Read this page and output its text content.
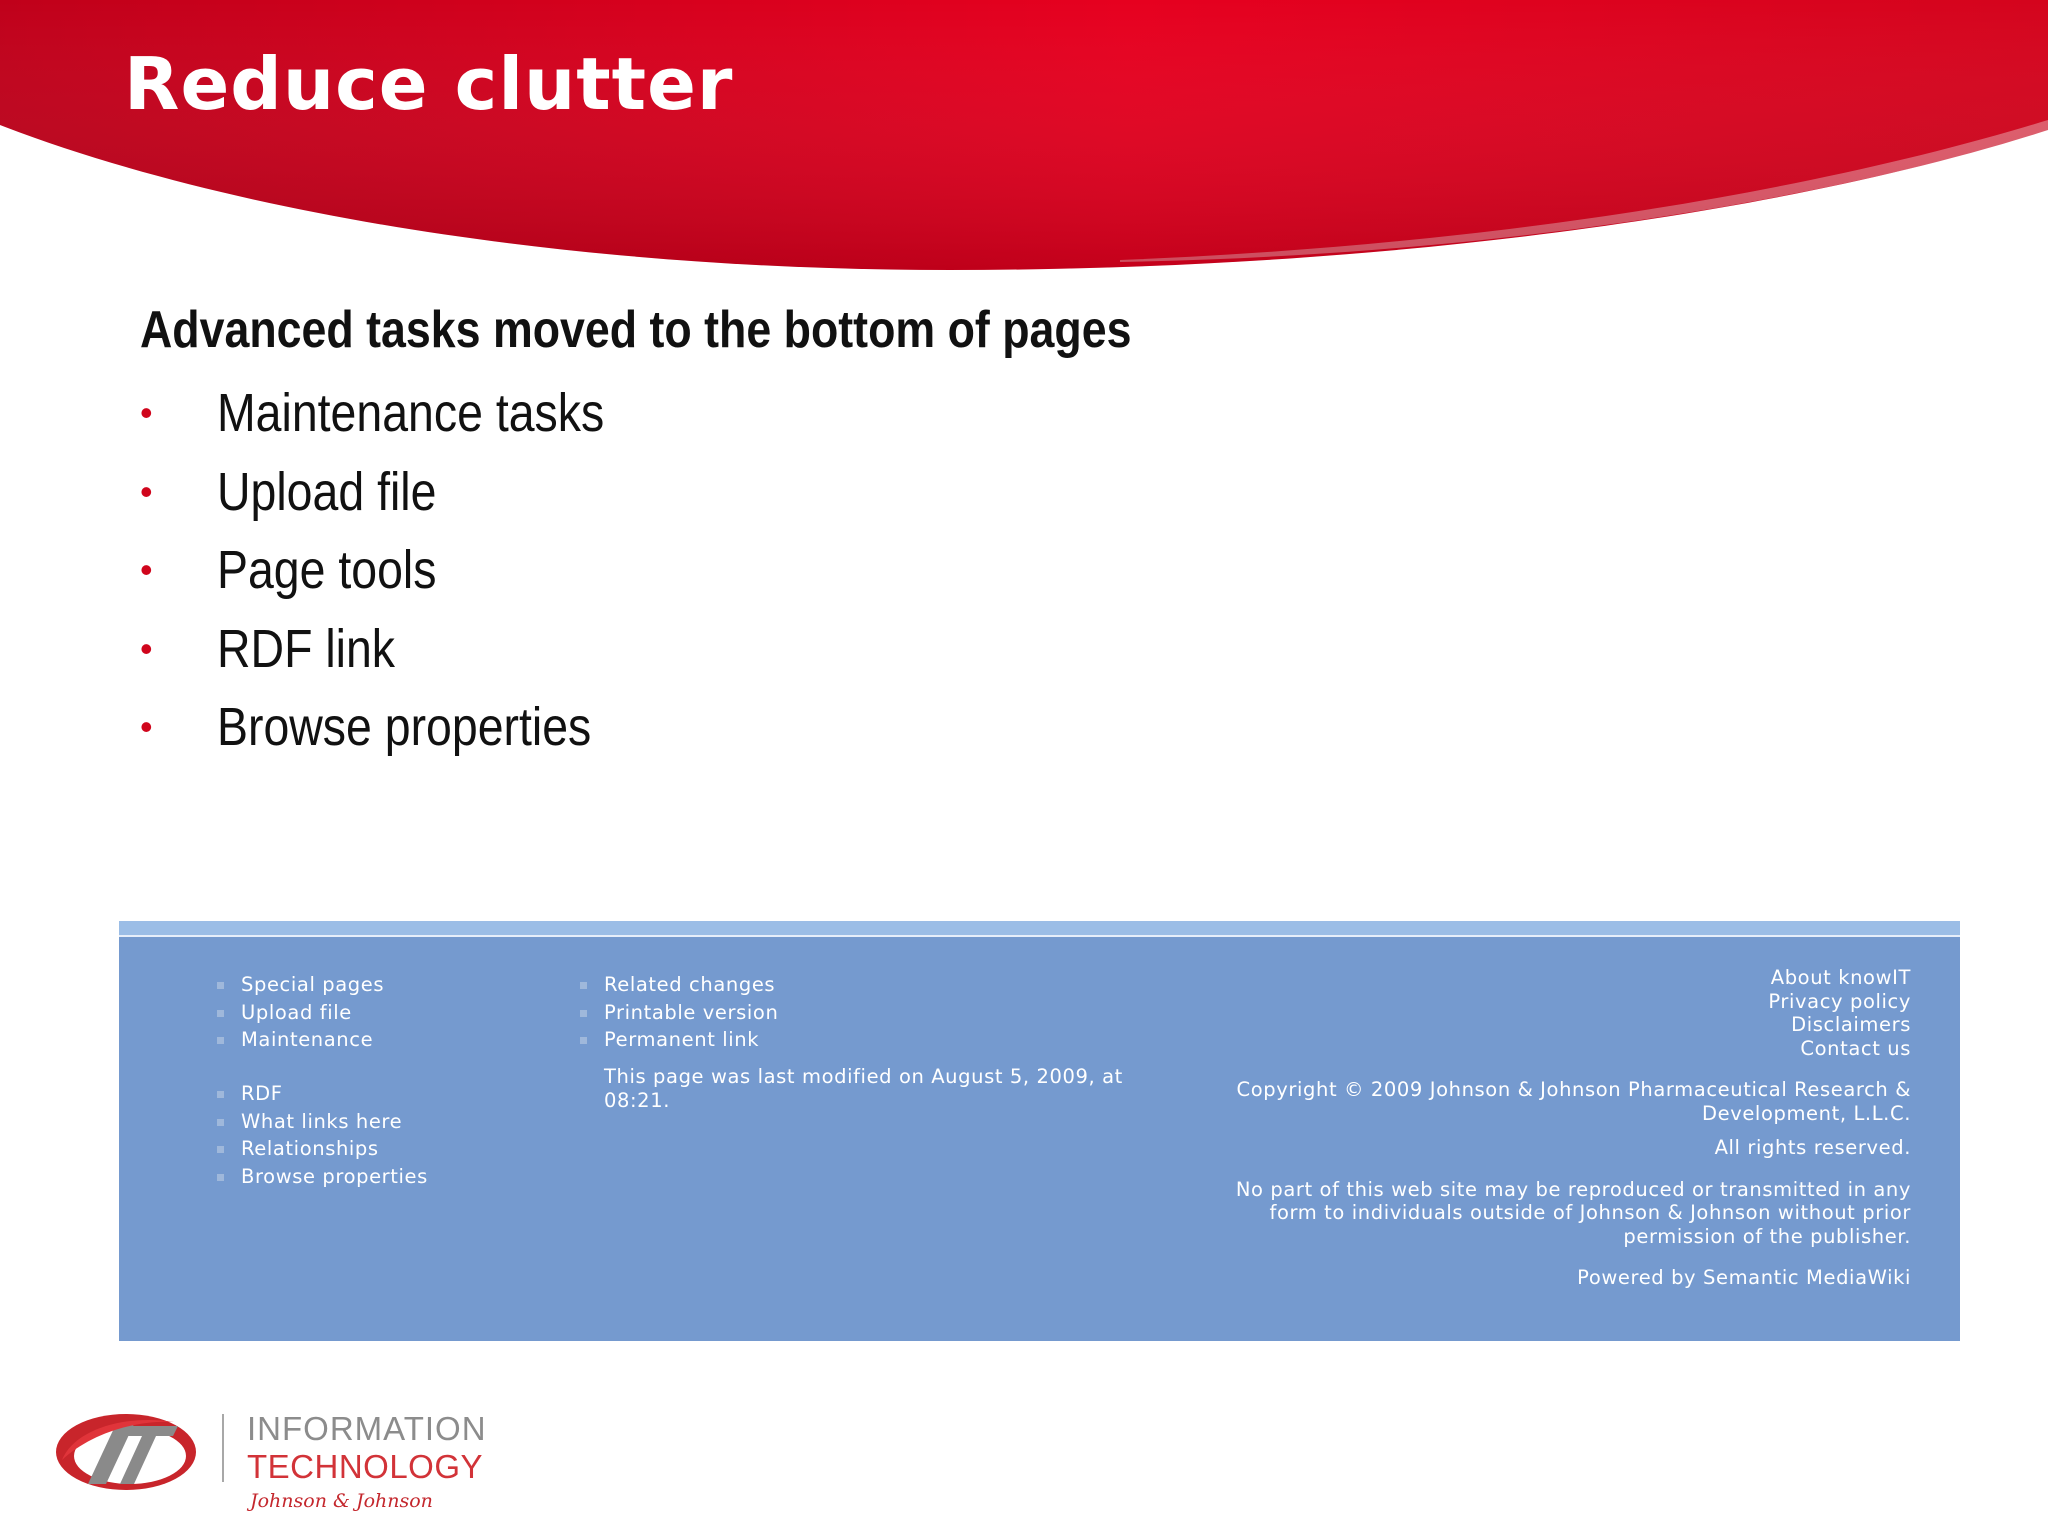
Reduce clutter
Advanced tasks moved to the bottom of pages
• Maintenance tasks
• Upload file
• Page tools
• RDF link
• Browse properties
Special pages
Upload file
Maintenance
RDF
What links here
Relationships
Browse properties
Related changes
Printable version
Permanent link

This page was last modified on August 5, 2009, at 08:21.

About knowIT

Privacy policy

Disclaimers

Contact us

Copyright © 2009 Johnson & Johnson Pharmaceutical Research & Development, L.L.C.

All rights reserved.

No part of this web site may be reproduced or transmitted in any form to individuals outside of Johnson & Johnson without prior permission of the publisher.

Powered by Semantic MediaWiki

INFORMATION
TECHNOLOGY
Johnson & Johnson
